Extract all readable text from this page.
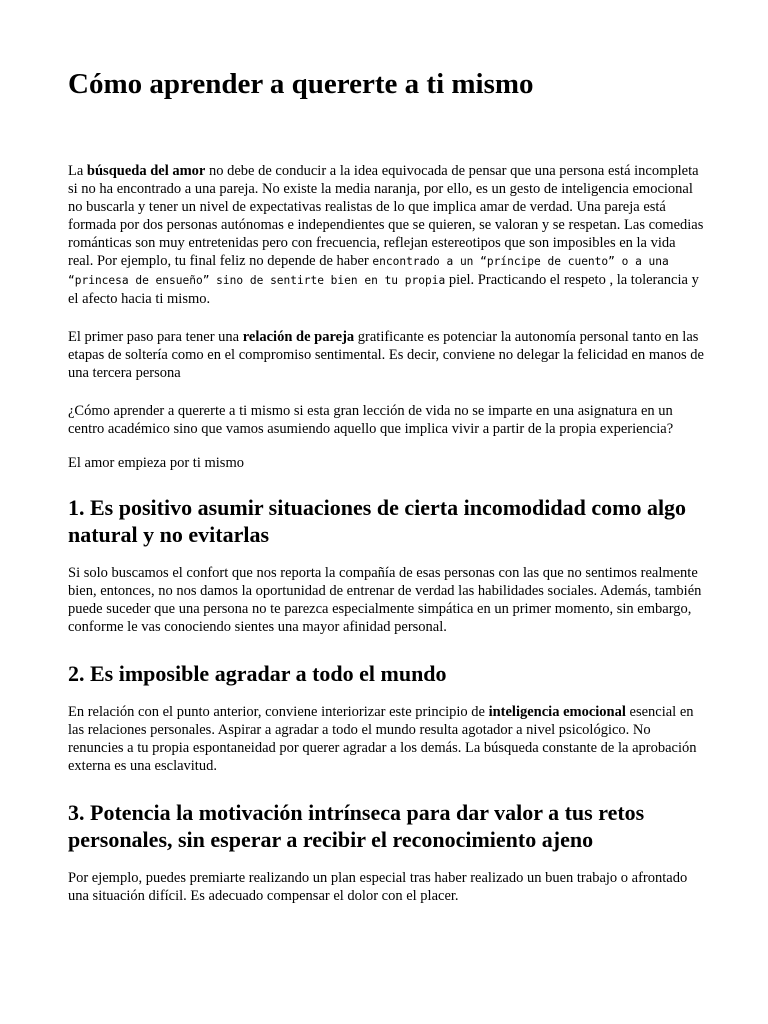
Cómo aprender a quererte a ti mismo

La búsqueda del amor no debe de conducir a la idea equivocada de pensar que una persona está incompleta si no ha encontrado a una pareja. No existe la media naranja, por ello, es un gesto de inteligencia emocional no buscarla y tener un nivel de expectativas realistas de lo que implica amar de verdad. Una pareja está formada por dos personas autónomas e independientes que se quieren, se valoran y se respetan. Las comedias románticas son muy entretenidas pero con frecuencia, reflejan estereotipos que son imposibles en la vida real. Por ejemplo, tu final feliz no depende de haber encontrado a un “príncipe de cuento” o a una “princesa de ensueño” sino de sentirte bien en tu propia piel. Practicando el respeto , la tolerancia y el afecto hacia ti mismo.

El primer paso para tener una relación de pareja gratificante es potenciar la autonomía personal tanto en las etapas de soltería como en el compromiso sentimental. Es decir, conviene no delegar la felicidad en manos de una tercera persona

¿Cómo aprender a quererte a ti mismo si esta gran lección de vida no se imparte en una asignatura en un centro académico sino que vamos asumiendo aquello que implica vivir a partir de la propia experiencia?

El amor empieza por ti mismo

1. Es positivo asumir situaciones de cierta incomodidad como algo natural y no evitarlas

Si solo buscamos el confort que nos reporta la compañía de esas personas con las que no sentimos realmente bien, entonces, no nos damos la oportunidad de entrenar de verdad las habilidades sociales. Además, también puede suceder que una persona no te parezca especialmente simpática en un primer momento, sin embargo, conforme le vas conociendo sientes una mayor afinidad personal.

2. Es imposible agradar a todo el mundo

En relación con el punto anterior, conviene interiorizar este principio de inteligencia emocional esencial en las relaciones personales. Aspirar a agradar a todo el mundo resulta agotador a nivel psicológico. No renuncies a tu propia espontaneidad por querer agradar a los demás. La búsqueda constante de la aprobación externa es una esclavitud.

3. Potencia la motivación intrínseca para dar valor a tus retos personales, sin esperar a recibir el reconocimiento ajeno

Por ejemplo, puedes premiarte realizando un plan especial tras haber realizado un buen trabajo o afrontado una situación difícil. Es adecuado compensar el dolor con el placer.
